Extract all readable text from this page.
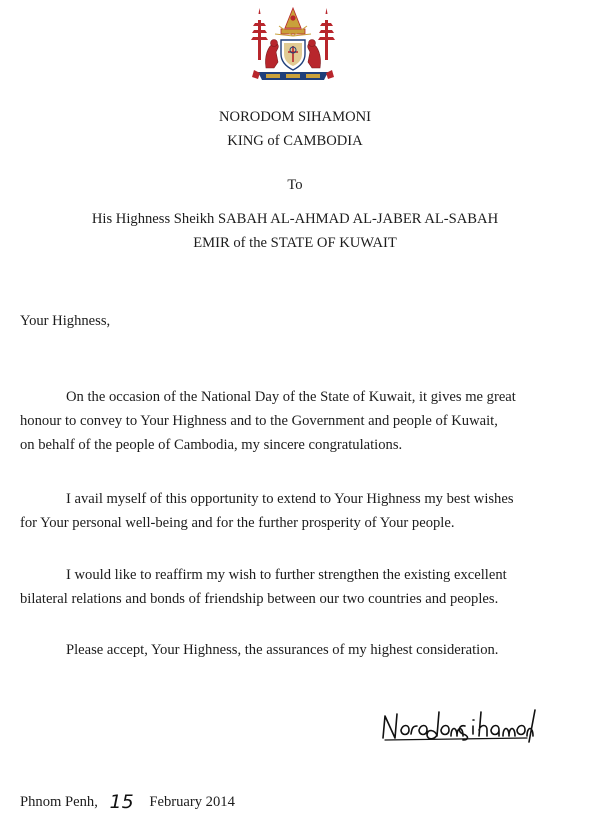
NORODOM SIHAMONI
KING of CAMBODIA
To
His Highness Sheikh SABAH AL-AHMAD AL-JABER AL-SABAH
EMIR of the STATE OF KUWAIT
Your Highness,

On the occasion of the National Day of the State of Kuwait, it gives me great
honour to convey to Your Highness and to the Government and people of Kuwait,
on behalf of the people of Cambodia, my sincere congratulations.

I avail myself of this opportunity to extend to Your Highness my best wishes
for Your personal well-being and for the further prosperity of Your people.

I would like to reaffirm my wish to further strengthen the existing excellent
bilateral relations and bonds of friendship between our two countries and peoples.

Please accept, Your Highness, the assurances of my highest consideration.

Phnom Penh, 15 February 2014
